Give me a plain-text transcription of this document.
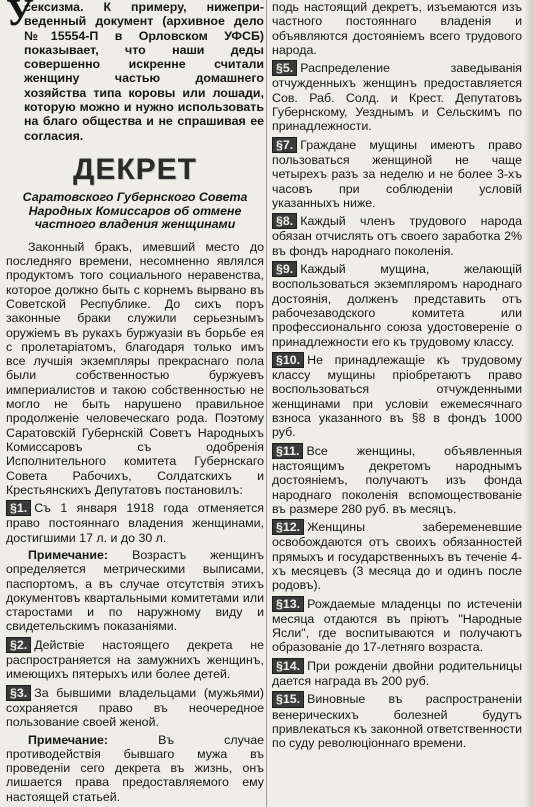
У
сексизма. К примеру, нижепри-веденный документ (архивное дело №15554-П в Орловском УФСБ) показывает, что наши деды совершенно искренне считали женщину частью домашнего хозяйства типа коровы или лошади, которую можно и нужно использовать на благо общества и не спрашивая ее согласия.

ДЕКРЕТ
Саратовского Губернского Совета Народных Комиссаров об отмене частного владения женщинами

Законный бракъ, имевший место до последняго времени, несомненно являлся продуктомъ того социального неравенства, которое должно быть с корнемъ вырвано въ Советской Республике. До сихъ поръ законные браки служили серьезнымъ оружiемъ въ рукахъ буржуазiи въ борьбе ея с пролетарiатомъ, благодаря только имъ все лучшiя экземпляры прекраснаго пола были собственностью буржуевъ империалистов и такою собственностью не могло не быть нарушено правильное продолженiе человеческаго рода. Поэтому Саратовскiй Губернскiй Советъ Народныхъ Комиссаровъ съ одобренiя Исполнительного комитета Губернскаго Совета Рабочихъ, Солдатскихъ и Крестьянскихъ Депутатовъ постановилъ:

§1. Съ 1 января 1918 года отменяется право постояннаго владения женщинами, достигшими 17 л. и до 30 л.

Примечание: Возрастъ женщинъ определяется метрическими выписами, паспортомъ, а въ случае отсутствiя этихъ документовъ квартальными комитетами или старостами и по наружному виду и свидетельскимъ показанiями.

§2. Действiе настоящего декрета не распространяется на замужнихъ женщинъ, имеющихъ пятерыхъ или более детей.

§3. За бывшими владельцами (мужьями) сохраняется право въ неочередное пользование своей женой.

Примечание:	Въ случае противодействiя бывшаго мужа въ проведенiи сего декрета въ жизнь, онъ лишается права предоставляемого ему настоящей статьей.

подь настоящий декретъ, изъемаются изъ частного постояннаго владенiя и объявляются достоянiемъ всего трудового народа.

§5. Распределение заведыванiя отчужденныхъ женщинъ предоставляется Сов. Раб. Солд. и Крест. Депутатовъ Губернскому, Уезднымъ и Сельскимъ по принадлежности.

§7. Граждане мущины имеютъ право пользоваться женщиной не чаще четырехъ разъ за неделю и не более 3-хъ часовъ при соблюденiи условiй указанныхъ ниже.

§8. Каждый членъ трудового народа обязан отчислять отъ своего заработка 2% въ фондъ народнаго поколенiя.

§9. Каждый мущина, желающiй воспользоваться экземпляромъ народнаго достоянiя, долженъ представить отъ рабочезаводского комитета или профессиональнго союза удостоверенiе о принадлежности его къ трудовому классу.

§10. Не принадлежащiе къ трудовому классу мущины прiобретаютъ право воспользоваться отчужденными женщинами при условiи ежемесячнаго взноса указанного въ §8 в фондъ 1000 руб.

§11. Все женщины, объявленныя настоящимъ декретомъ народнымъ достоянiемъ, получаютъ изъ фонда народнаго поколенiя вспомоществованiе въ размере 280 руб. въ месяцъ.

§12. Женщины забеременевшие освобождаются отъ своихъ обязанностей прямыхъ и государственныхъ въ теченiе 4-хъ месяцевъ (3 месяца до и одинъ после родовъ).

§13. Рождаемые младенцы по истеченiи месяца отдаются въ прiютъ "Народные Ясли", где воспитываются и получаютъ образованiе до 17-летняго возраста.

§14. При рожденiи двойни родительницы дается награда въ 200 руб.

§15. Виновные въ распространенiи венерическихъ болезней будутъ привлекаться къ законной ответственности по суду революцiоннаго времени.
